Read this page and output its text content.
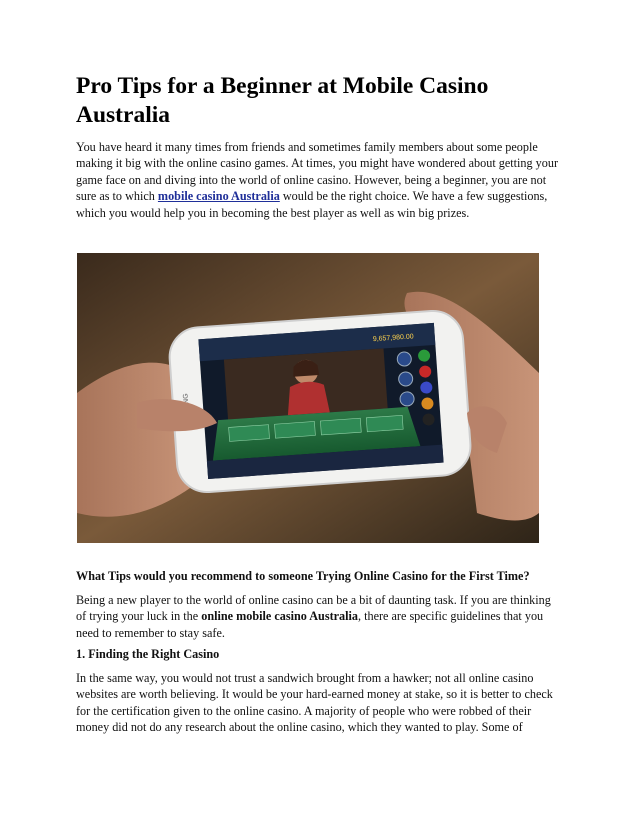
Pro Tips for a Beginner at Mobile Casino Australia

You have heard it many times from friends and sometimes family members about some people making it big with the online casino games. At times, you might have wondered about getting your game face on and diving into the world of online casino. However, being a beginner, you are not sure as to which mobile casino Australia would be the right choice. We have a few suggestions, which you would help you in becoming the best player as well as win big prizes.

9,657,980.00
What Tips would you recommend to someone Trying Online Casino for the First Time?
Being a new player to the world of online casino can be a bit of daunting task. If you are thinking of trying your luck in the online mobile casino Australia, there are specific guidelines that you need to remember to stay safe.
1. Finding the Right Casino
In the same way, you would not trust a sandwich brought from a hawker; not all online casino websites are worth believing. It would be your hard-earned money at stake, so it is better to check for the certification given to the online casino. A majority of people who were robbed of their money did not do any research about the online casino, which they wanted to play. Some of
